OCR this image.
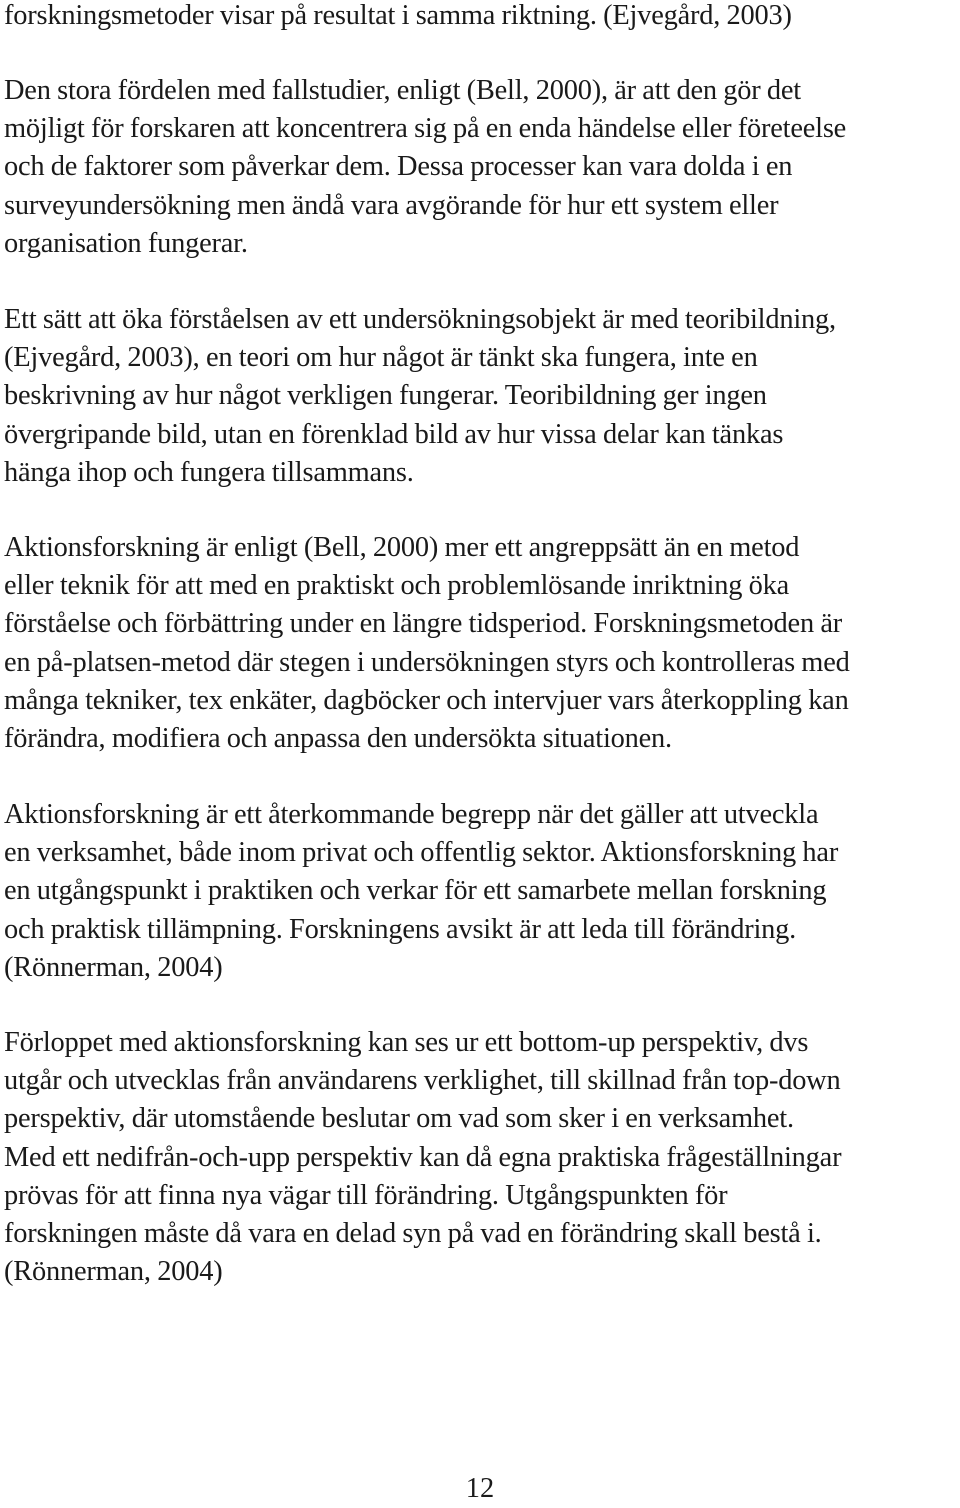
forskningsmetoder visar på resultat i samma riktning. (Ejvegård, 2003)
Den stora fördelen med fallstudier, enligt (Bell, 2000), är att den gör det
möjligt för forskaren att koncentrera sig på en enda händelse eller företeelse
och de faktorer som påverkar dem. Dessa processer kan vara dolda i en
surveyundersökning men ändå vara avgörande för hur ett system eller
organisation fungerar.
Ett sätt att öka förståelsen av ett undersökningsobjekt är med teoribildning,
(Ejvegård, 2003), en teori om hur något är tänkt ska fungera, inte en
beskrivning av hur något verkligen fungerar. Teoribildning ger ingen
övergripande bild, utan en förenklad bild av hur vissa delar kan tänkas
hänga ihop och fungera tillsammans.
Aktionsforskning är enligt (Bell, 2000) mer ett angreppsätt än en metod
eller teknik för att med en praktiskt och problemlösande inriktning öka
förståelse och förbättring under en längre tidsperiod. Forskningsmetoden är
en på-platsen-metod där stegen i undersökningen styrs och kontrolleras med
många tekniker, tex enkäter, dagböcker och intervjuer vars återkoppling kan
förändra, modifiera och anpassa den undersökta situationen.
Aktionsforskning är ett återkommande begrepp när det gäller att utveckla
en verksamhet, både inom privat och offentlig sektor. Aktionsforskning har
en utgångspunkt i praktiken och verkar för ett samarbete mellan forskning
och praktisk tillämpning. Forskningens avsikt är att leda till förändring.
(Rönnerman, 2004)
Förloppet med aktionsforskning kan ses ur ett bottom-up perspektiv, dvs
utgår och utvecklas från användarens verklighet, till skillnad från top-down
perspektiv, där utomstående beslutar om vad som sker i en verksamhet.
Med ett nedifrån-och-upp perspektiv kan då egna praktiska frågeställningar
prövas för att finna nya vägar till förändring. Utgångspunkten för
forskningen måste då vara en delad syn på vad en förändring skall bestå i.
(Rönnerman, 2004)
12
